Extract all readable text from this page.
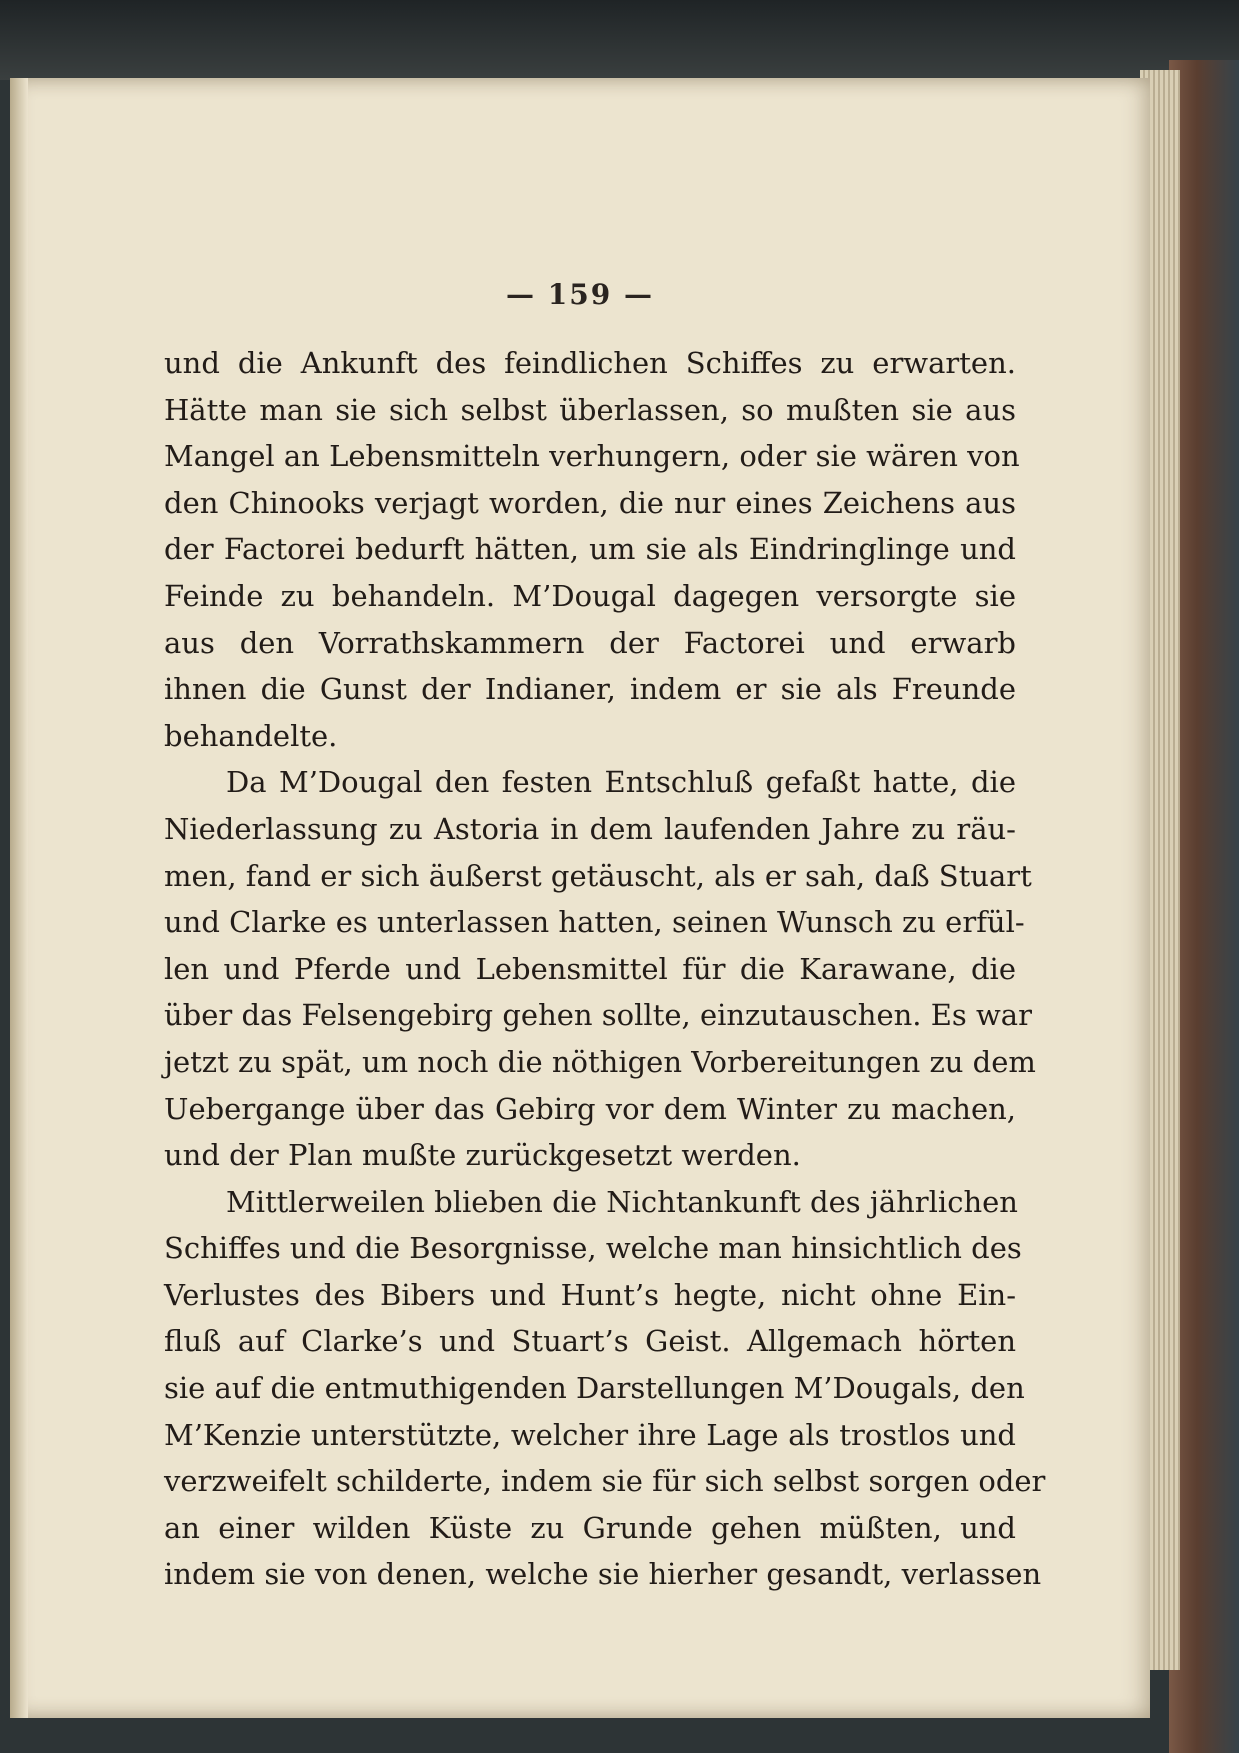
— 159 —
und die Ankunft des feindlichen Schiffes zu erwarten.
Hätte man sie sich selbst überlassen, so mußten sie aus
Mangel an Lebensmitteln verhungern, oder sie wären von
den Chinooks verjagt worden, die nur eines Zeichens aus
der Factorei bedurft hätten, um sie als Eindringlinge und
Feinde zu behandeln. M’Dougal dagegen versorgte sie
aus den Vorrathskammern der Factorei und erwarb
ihnen die Gunst der Indianer, indem er sie als Freunde
behandelte.
Da M’Dougal den festen Entschluß gefaßt hatte, die
Niederlassung zu Astoria in dem laufenden Jahre zu räu-
men, fand er sich äußerst getäuscht, als er sah, daß Stuart
und Clarke es unterlassen hatten, seinen Wunsch zu erfül-
len und Pferde und Lebensmittel für die Karawane, die
über das Felsengebirg gehen sollte, einzutauschen. Es war
jetzt zu spät, um noch die nöthigen Vorbereitungen zu dem
Uebergange über das Gebirg vor dem Winter zu machen,
und der Plan mußte zurückgesetzt werden.
Mittlerweilen blieben die Nichtankunft des jährlichen
Schiffes und die Besorgnisse, welche man hinsichtlich des
Verlustes des Bibers und Hunt’s hegte, nicht ohne Ein-
fluß auf Clarke’s und Stuart’s Geist. Allgemach hörten
sie auf die entmuthigenden Darstellungen M’Dougals, den
M’Kenzie unterstützte, welcher ihre Lage als trostlos und
verzweifelt schilderte, indem sie für sich selbst sorgen oder
an einer wilden Küste zu Grunde gehen müßten, und
indem sie von denen, welche sie hierher gesandt, verlassen
